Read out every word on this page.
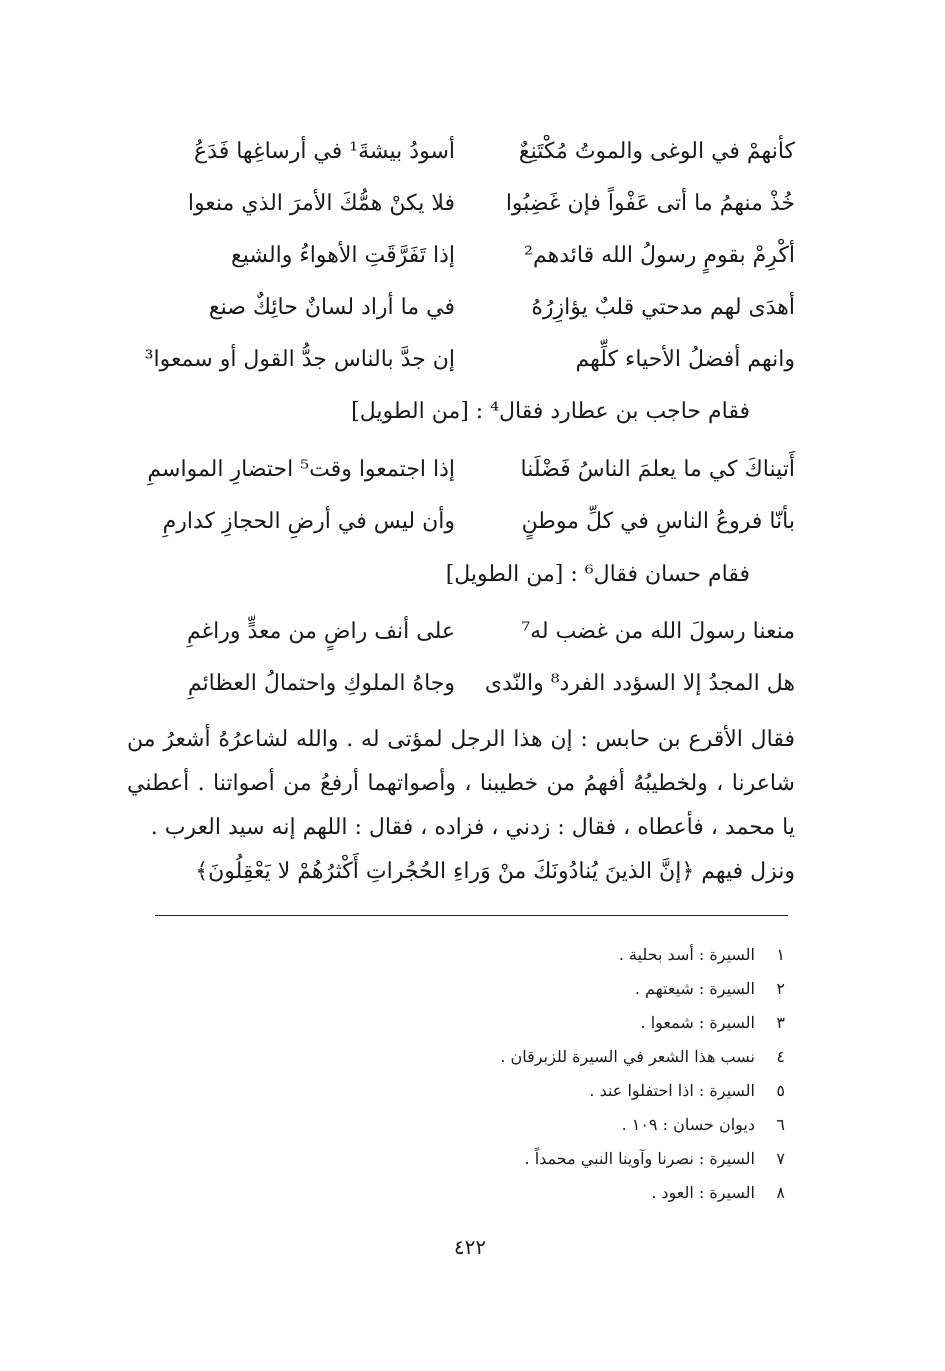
كأنهمْ في الوغى والموتُ مُكْتَنِعٌ
أسودُ بيشةَ¹ في أرساغِها فَدَعُ
خُذْ منهمُ ما أتى عَفْواً فإن غَضِبُوا
فلا يكنْ همُّكَ الأمرَ الذي منعوا
أكْرِمْ بقومٍ رسولُ الله قائدهم²
إذا تَفَرَّقَتِ الأهواءُ والشيع
أهدَى لهم مدحتي قلبٌ يؤازِرُهُ
في ما أراد لسانٌ حائِكٌ صنع
وانهم أفضلُ الأحياء كلِّهم
إن جدَّ بالناس جدُّ القول أو سمعوا³
فقام حاجب بن عطارد فقال⁴ : [من الطويل]
أَتيناكَ كي ما يعلمَ الناسُ فَضْلَنا
إذا اجتمعوا وقت⁵ احتضارِ المواسمِ
بأنّا فروعُ الناسِ في كلِّ موطنٍ
وأن ليس في أرضِ الحجازِ كدارمِ
فقام حسان فقال⁶ : [من الطويل]
منعنا رسولَ الله من غضب له⁷
على أنف راضٍ من معدٍّ وراغمِ
هل المجدُ إلا السؤدد الفرد⁸ والنّدى
وجاهُ الملوكِ واحتمالُ العظائمِ

فقال الأقرع بن حابس : إن هذا الرجل لمؤتى له . والله لشاعرُهُ أشعرُ من شاعرنا ، ولخطيبُهُ أفهمُ من خطيبنا ، وأصواتهما أرفعُ من أصواتنا . أعطني يا محمد ، فأعطاه ، فقال : زدني ، فزاده ، فقال : اللهم إنه سيد العرب .

ونزل فيهم ﴿إنَّ الذينَ يُنادُونَكَ منْ وَراءِ الحُجُراتِ أَكْثرُهُمْ لا يَعْقِلُونَ﴾

١السيرة : أسد بحلية .
٢السيرة : شيعتهم .
٣السيرة : شمعوا .
٤نسب هذا الشعر في السيرة للزبرقان .
٥السيرة : اذا احتفلوا عند .
٦ديوان حسان : ١٠٩ .
٧السيرة : نصرنا وآوينا النبي محمداً .
٨السيرة : العود .
٤٢٢
